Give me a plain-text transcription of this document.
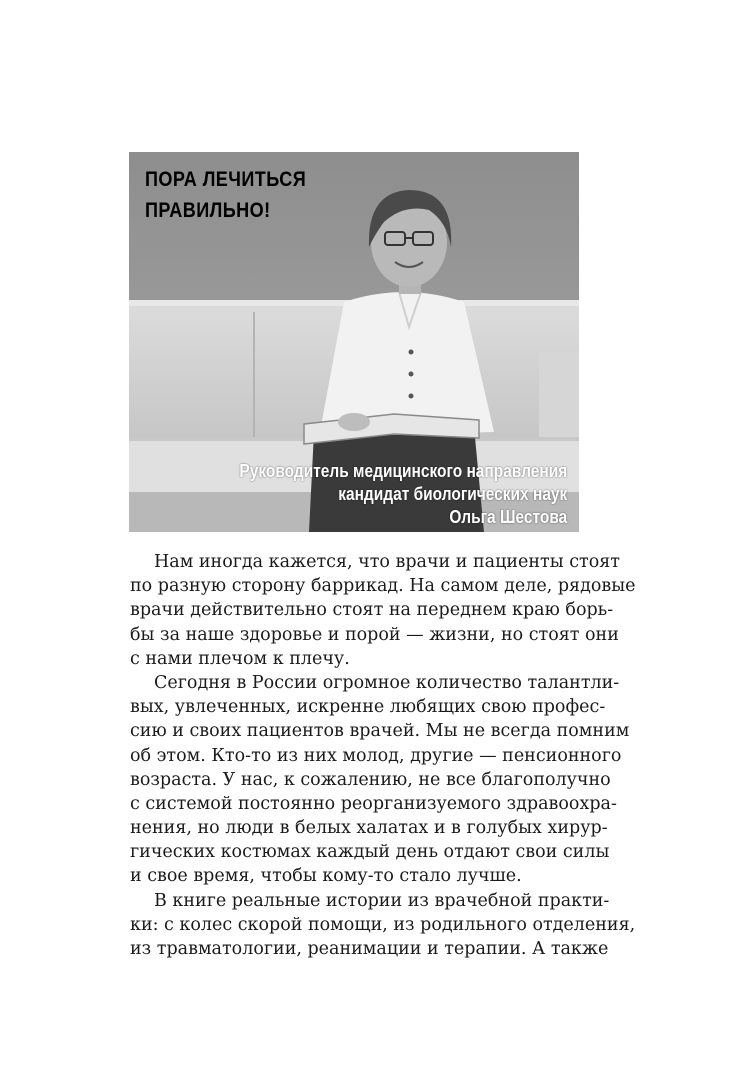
ПОРА ЛЕЧИТЬСЯ
ПРАВИЛЬНО!
Руководитель медицинского направления
кандидат биологических наук
Ольга Шестова
Нам иногда кажется, что врачи и пациенты стоят
по разную сторону баррикад. На самом деле, рядовые
врачи действительно стоят на переднем краю борь-
бы за наше здоровье и порой — жизни, но стоят они
с нами плечом к плечу.
Сегодня в России огромное количество талантли-
вых, увлеченных, искренне любящих свою профес-
сию и своих пациентов врачей. Мы не всегда помним
об этом. Кто-то из них молод, другие — пенсионного
возраста. У нас, к сожалению, не все благополучно
с системой постоянно реорганизуемого здравоохра-
нения, но люди в белых халатах и в голубых хирур-
гических костюмах каждый день отдают свои силы
и свое время, чтобы кому-то стало лучше.
В книге реальные истории из врачебной практи-
ки: с колес скорой помощи, из родильного отделения,
из травматологии, реанимации и терапии. А также
